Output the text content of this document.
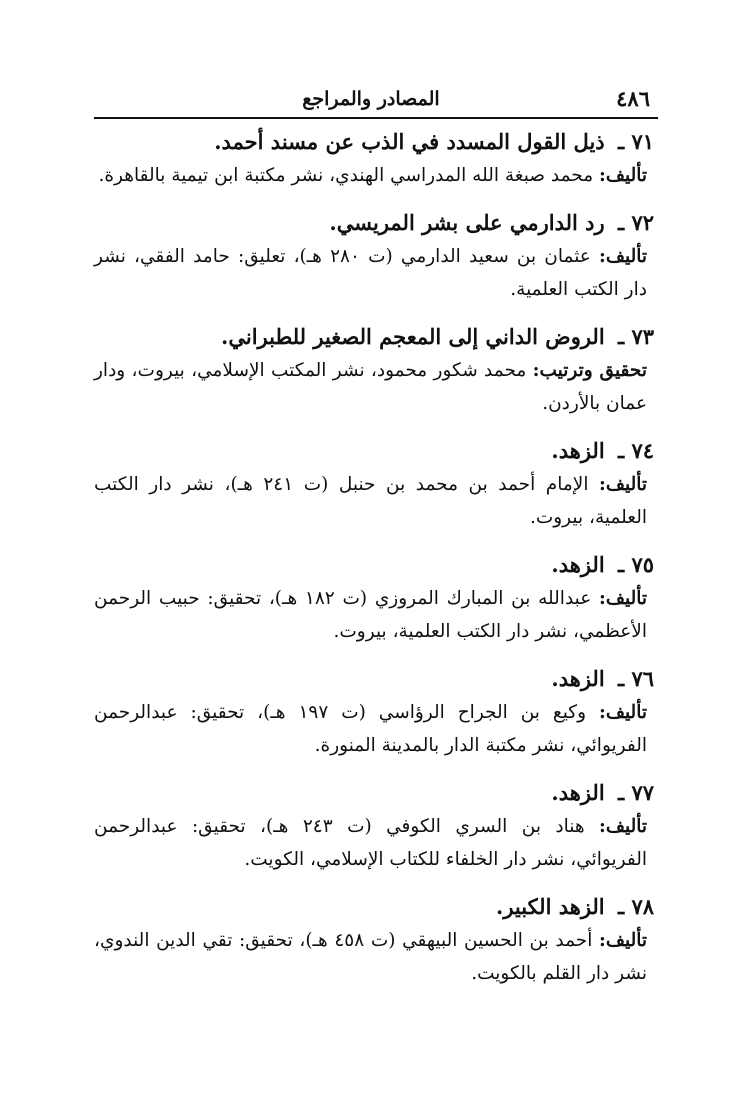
٤٨٦
المصادر والمراجع
٧١ ـ ذيل القول المسدد في الذب عن مسند أحمد.
تأليف: محمد صبغة الله المدراسي الهندي، نشر مكتبة ابن تيمية بالقاهرة.
٧٢ ـ رد الدارمي على بشر المريسي.
تأليف: عثمان بن سعيد الدارمي (ت ٢٨٠ هـ)، تعليق: حامد الفقي، نشر دار الكتب العلمية.
٧٣ ـ الروض الداني إلى المعجم الصغير للطبراني.
تحقيق وترتيب: محمد شكور محمود، نشر المكتب الإسلامي، بيروت، ودار عمان بالأردن.
٧٤ ـ الزهد.
تأليف: الإمام أحمد بن محمد بن حنبل (ت ٢٤١ هـ)، نشر دار الكتب العلمية، بيروت.
٧٥ ـ الزهد.
تأليف: عبدالله بن المبارك المروزي (ت ١٨٢ هـ)، تحقيق: حبيب الرحمن الأعظمي، نشر دار الكتب العلمية، بيروت.
٧٦ ـ الزهد.
تأليف: وكيع بن الجراح الرؤاسي (ت ١٩٧ هـ)، تحقيق: عبدالرحمن الفريوائي، نشر مكتبة الدار بالمدينة المنورة.
٧٧ ـ الزهد.
تأليف: هناد بن السري الكوفي (ت ٢٤٣ هـ)، تحقيق: عبدالرحمن الفريوائي، نشر دار الخلفاء للكتاب الإسلامي، الكويت.
٧٨ ـ الزهد الكبير.
تأليف: أحمد بن الحسين البيهقي (ت ٤٥٨ هـ)، تحقيق: تقي الدين الندوي، نشر دار القلم بالكويت.
